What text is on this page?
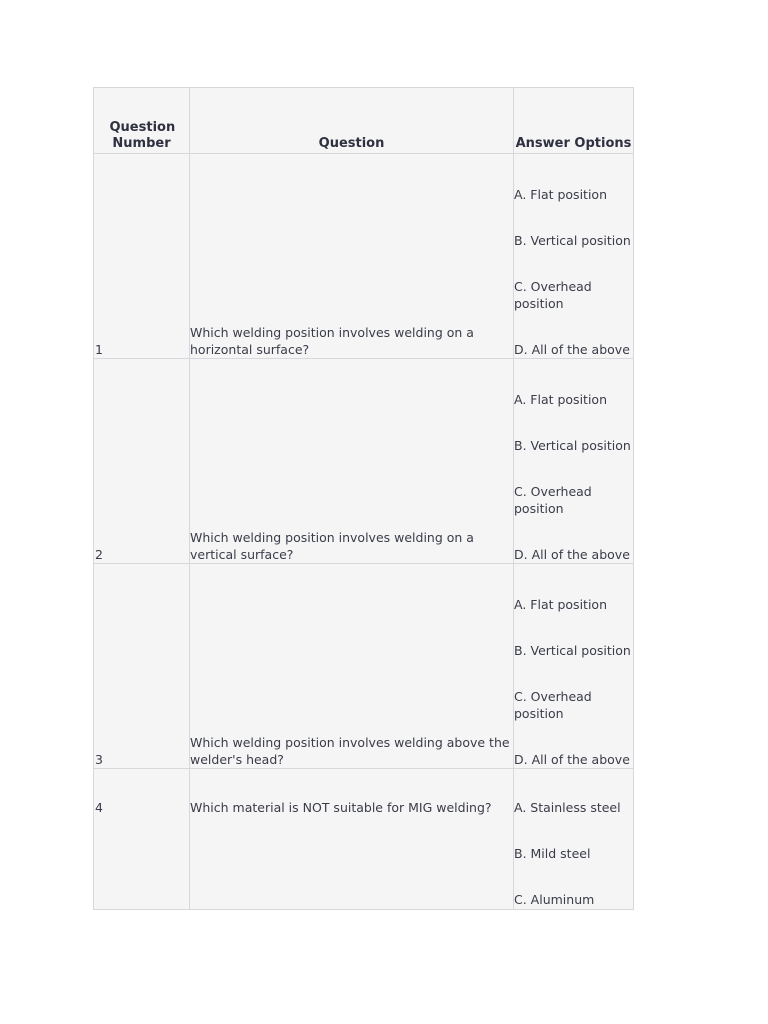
Question Number	Question	Answer Options
1	Which welding position involves welding on a horizontal surface?	A. Flat position
B. Vertical position
C. Overhead position
D. All of the above

2	Which welding position involves welding on a vertical surface?	A. Flat position
B. Vertical position
C. Overhead position
D. All of the above

3	Which welding position involves welding above the welder's head?	A. Flat position
B. Vertical position
C. Overhead position
D. All of the above

4	Which material is NOT suitable for MIG welding?	A. Stainless steel
B. Mild steel
C. Aluminum
